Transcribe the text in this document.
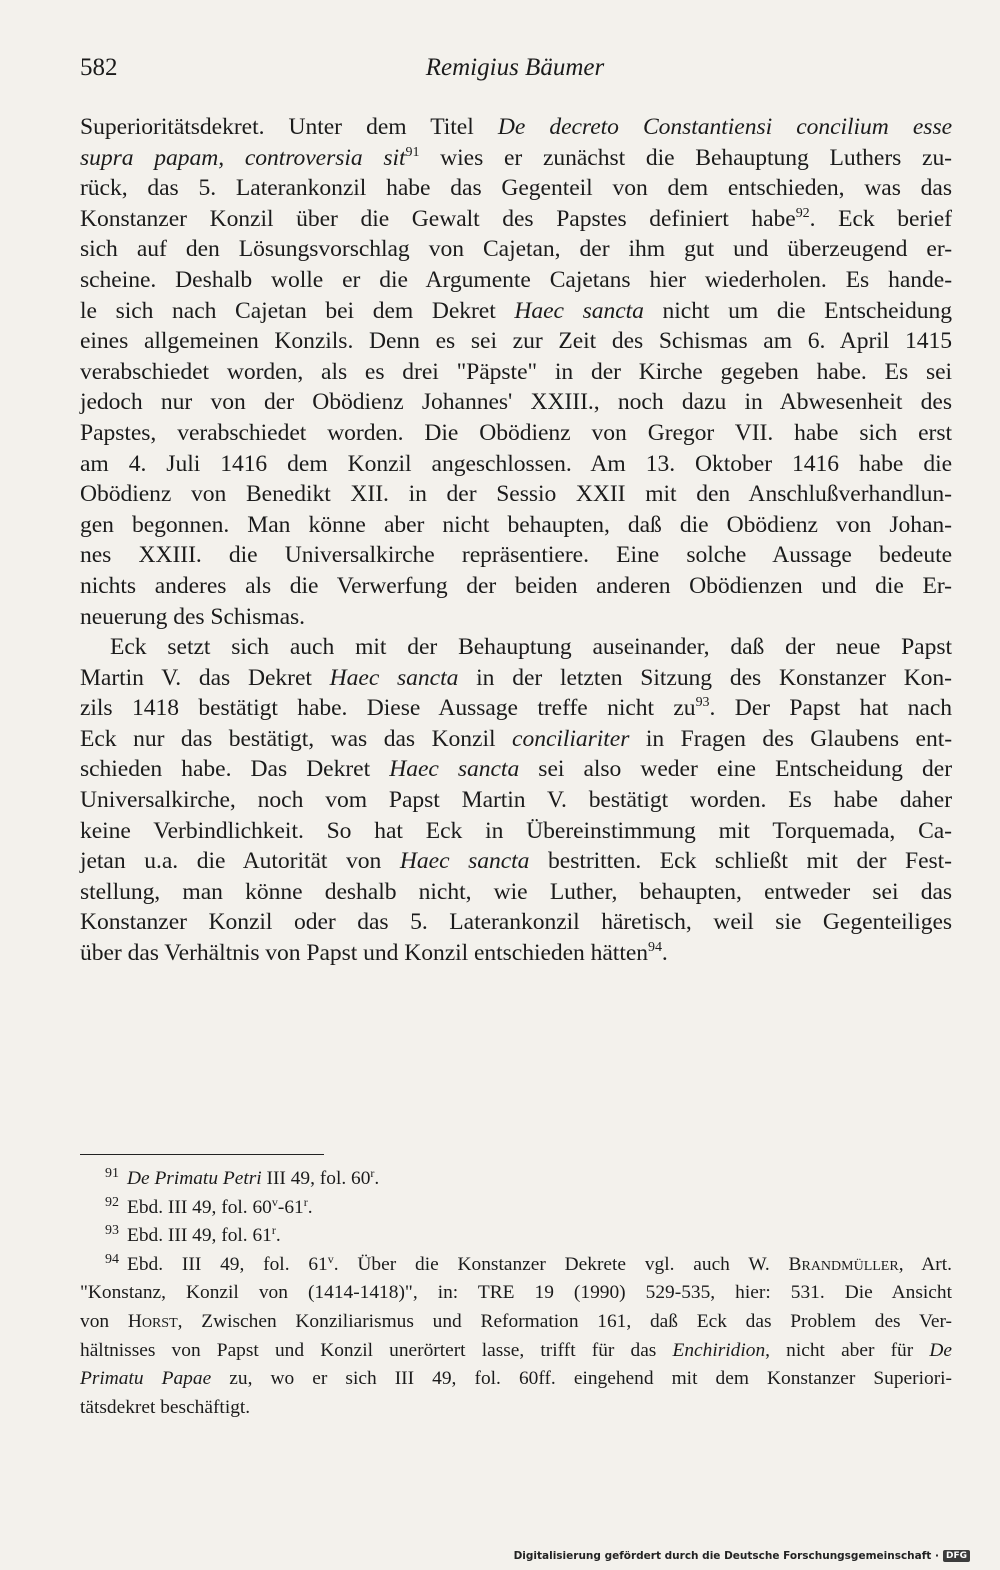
582	Remigius Bäumer
Superioritätsdekret. Unter dem Titel De decreto Constantiensi concilium esse
supra papam, controversia sit$^{91}$ wies er zunächst die Behauptung Luthers zu-
rück, das 5. Laterankonzil habe das Gegenteil von dem entschieden, was das
Konstanzer Konzil über die Gewalt des Papstes definiert habe$^{92}$. Eck berief
sich auf den Lösungsvorschlag von Cajetan, der ihm gut und überzeugend er-
scheine. Deshalb wolle er die Argumente Cajetans hier wiederholen. Es hande-
le sich nach Cajetan bei dem Dekret Haec sancta nicht um die Entscheidung
eines allgemeinen Konzils. Denn es sei zur Zeit des Schismas am 6. April 1415
verabschiedet worden, als es drei "Päpste" in der Kirche gegeben habe. Es sei
jedoch nur von der Obödienz Johannes' XXIII., noch dazu in Abwesenheit des
Papstes, verabschiedet worden. Die Obödienz von Gregor VII. habe sich erst
am 4. Juli 1416 dem Konzil angeschlossen. Am 13. Oktober 1416 habe die
Obödienz von Benedikt XII. in der Sessio XXII mit den Anschlußverhandlun-
gen begonnen. Man könne aber nicht behaupten, daß die Obödienz von Johan-
nes XXIII. die Universalkirche repräsentiere. Eine solche Aussage bedeute
nichts anderes als die Verwerfung der beiden anderen Obödienzen und die Er-
neuerung des Schismas.
Eck setzt sich auch mit der Behauptung auseinander, daß der neue Papst
Martin V. das Dekret Haec sancta in der letzten Sitzung des Konstanzer Kon-
zils 1418 bestätigt habe. Diese Aussage treffe nicht zu$^{93}$. Der Papst hat nach
Eck nur das bestätigt, was das Konzil conciliariter in Fragen des Glaubens ent-
schieden habe. Das Dekret Haec sancta sei also weder eine Entscheidung der
Universalkirche, noch vom Papst Martin V. bestätigt worden. Es habe daher
keine Verbindlichkeit. So hat Eck in Übereinstimmung mit Torquemada, Ca-
jetan u.a. die Autorität von Haec sancta bestritten. Eck schließt mit der Fest-
stellung, man könne deshalb nicht, wie Luther, behaupten, entweder sei das
Konstanzer Konzil oder das 5. Laterankonzil häretisch, weil sie Gegenteiliges
über das Verhältnis von Papst und Konzil entschieden hätten$^{94}$.
$^{91}$ De Primatu Petri III 49, fol. 60$^r$.
$^{92}$ Ebd. III 49, fol. 60$^v$-61$^r$.
$^{93}$ Ebd. III 49, fol. 61$^r$.
$^{94}$ Ebd. III 49, fol. 61$^v$. Über die Konstanzer Dekrete vgl. auch W. Brandmüller, Art.
"Konstanz, Konzil von (1414-1418)", in: TRE 19 (1990) 529-535, hier: 531. Die Ansicht
von Horst, Zwischen Konziliarismus und Reformation 161, daß Eck das Problem des Ver-
hältnisses von Papst und Konzil unerörtert lasse, trifft für das Enchiridion, nicht aber für De
Primatu Papae zu, wo er sich III 49, fol. 60ff. eingehend mit dem Konstanzer Superiori-
tätsdekret beschäftigt.
Digitalisierung gefördert durch die Deutsche Forschungsgemeinschaft · DFG
